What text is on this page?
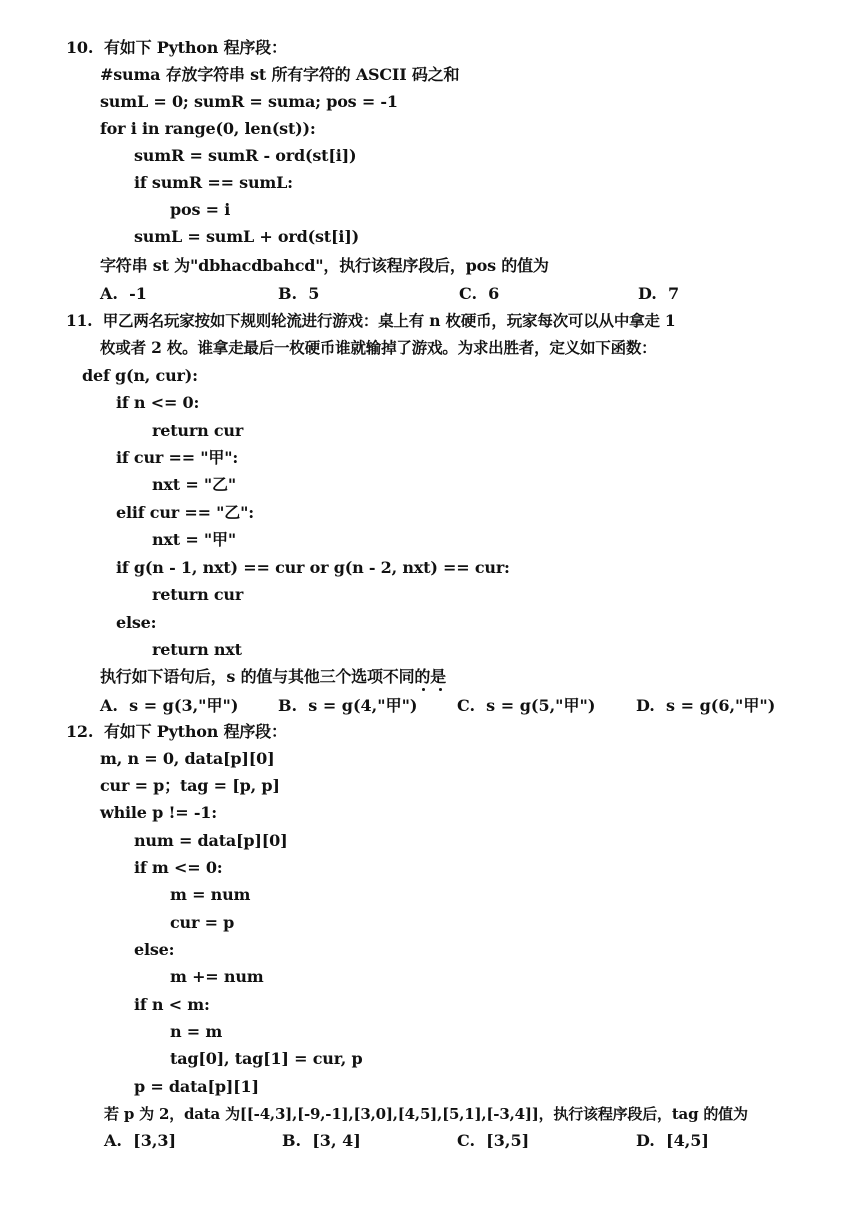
10.  有如下 Python 程序段：
#suma 存放字符串 st 所有字符的 ASCII 码之和
sumL = 0; sumR = suma; pos = -1
for i in range(0, len(st)):
sumR = sumR - ord(st[i])
if sumR == sumL:
pos = i
sumL = sumL + ord(st[i])
字符串 st 为"dbhacdbahcd"，执行该程序段后，pos 的值为
A.  -1	B.  5	C.  6	D.  7
11.  甲乙两名玩家按如下规则轮流进行游戏：桌上有 n 枚硬币，玩家每次可以从中拿走 1
枚或者 2 枚。谁拿走最后一枚硬币谁就输掉了游戏。为求出胜者，定义如下函数：
def g(n, cur):
if n <= 0:
return cur
if cur == "甲":
nxt = "乙"
elif cur == "乙":
nxt = "甲"
if g(n - 1, nxt) == cur or g(n - 2, nxt) == cur:
return cur
else:
return nxt
执行如下语句后，s 的值与其他三个选项不同的是
A.  s = g(3,"甲") B.  s = g(4,"甲") C.  s = g(5,"甲")	D.  s = g(6,"甲")
12.  有如下 Python 程序段：
m, n = 0, data[p][0]
cur = p；tag = [p, p]
while p != -1:
num = data[p][0]
if m <= 0:
m = num
cur = p
else:
m += num
if n < m:
n = m
tag[0], tag[1] = cur, p
p = data[p][1]
若 p 为 2，data 为[[-4,3],[-9,-1],[3,0],[4,5],[5,1],[-3,4]]，执行该程序段后，tag 的值为
A.  [3,3]	B.  [3, 4]	C.  [3,5]	D.  [4,5]
